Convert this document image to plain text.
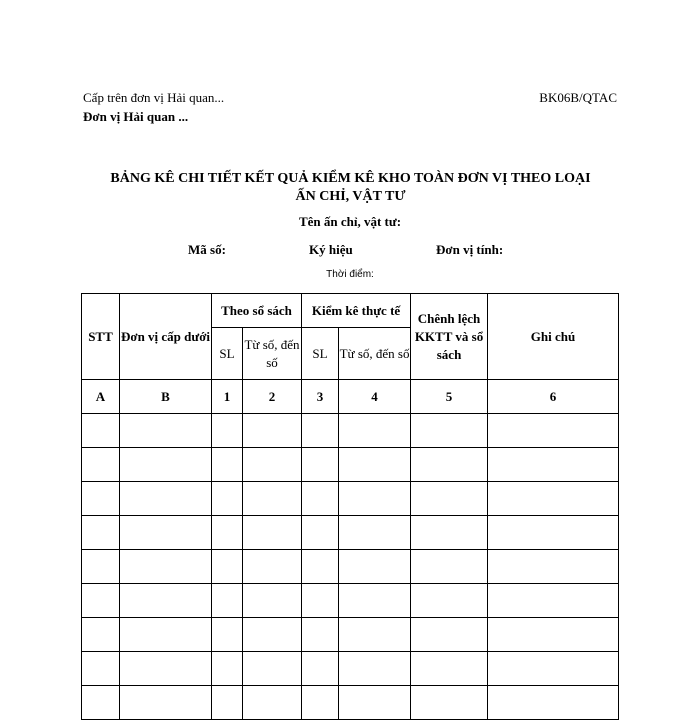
Cấp trên đơn vị Hải quan...
Đơn vị Hải quan ...
BK06B/QTAC
BẢNG KÊ CHI TIẾT KẾT QUẢ KIỂM KÊ KHO TOÀN ĐƠN VỊ THEO LOẠI
ẤN CHỈ, VẬT TƯ
Tên ấn chỉ, vật tư:
Mã số:	Ký hiệu	Đơn vị tính:
Thời điểm:
STT	Đơn vị cấp dưới	Theo sổ sách		Kiểm kê thực tế		Chênh lệch KKTT và sổ sách	Ghi chú
		SL	Từ số, đến số	SL	Từ số, đến số		
A	B	1	2	3	4	5	6
